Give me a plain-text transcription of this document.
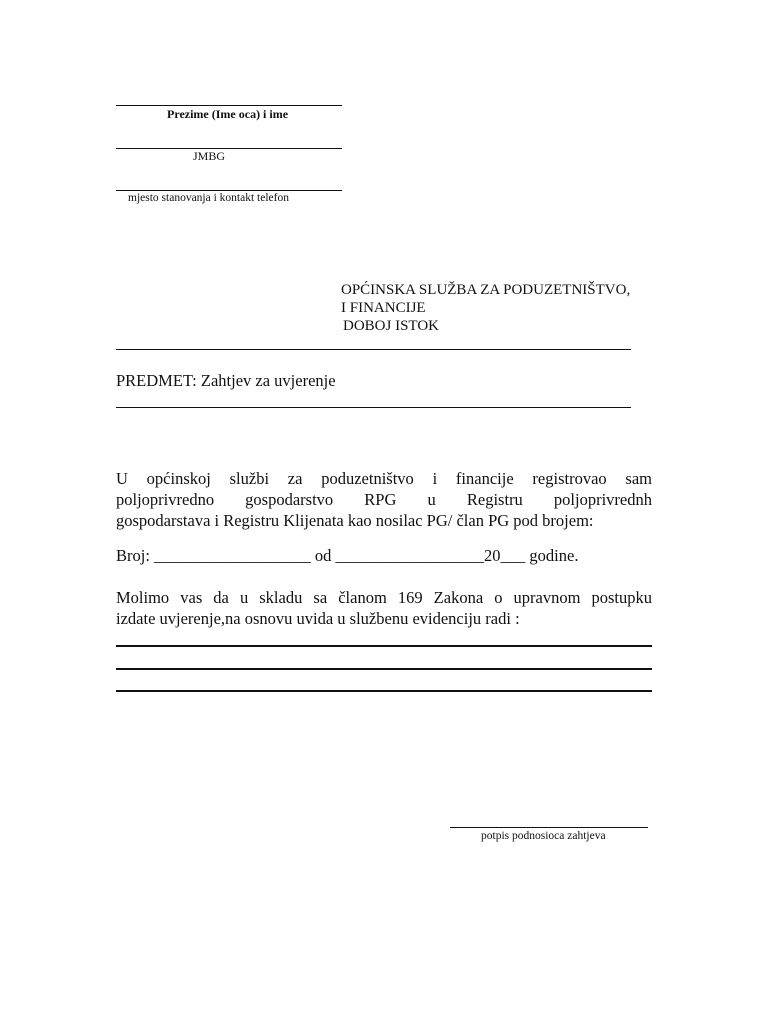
Prezime (Ime oca) i ime
JMBG
mjesto stanovanja i kontakt telefon
OPĆINSKA SLUŽBA ZA PODUZETNIŠTVO,
I FINANCIJE
DOBOJ ISTOK
PREDMET: Zahtjev za uvjerenje
U općinskoj službi za poduzetništvo i financije registrovao sam
poljoprivredno gospodarstvo RPG u Registru poljoprivrednh
gospodarstava i Registru Klijenata kao nosilac PG/ član PG pod brojem:
Broj: ___________________ od __________________20___ godine.
Molimo vas da u skladu sa članom 169 Zakona o upravnom postupku
izdate uvjerenje,na osnovu uvida u službenu evidenciju radi :
potpis podnosioca zahtjeva
